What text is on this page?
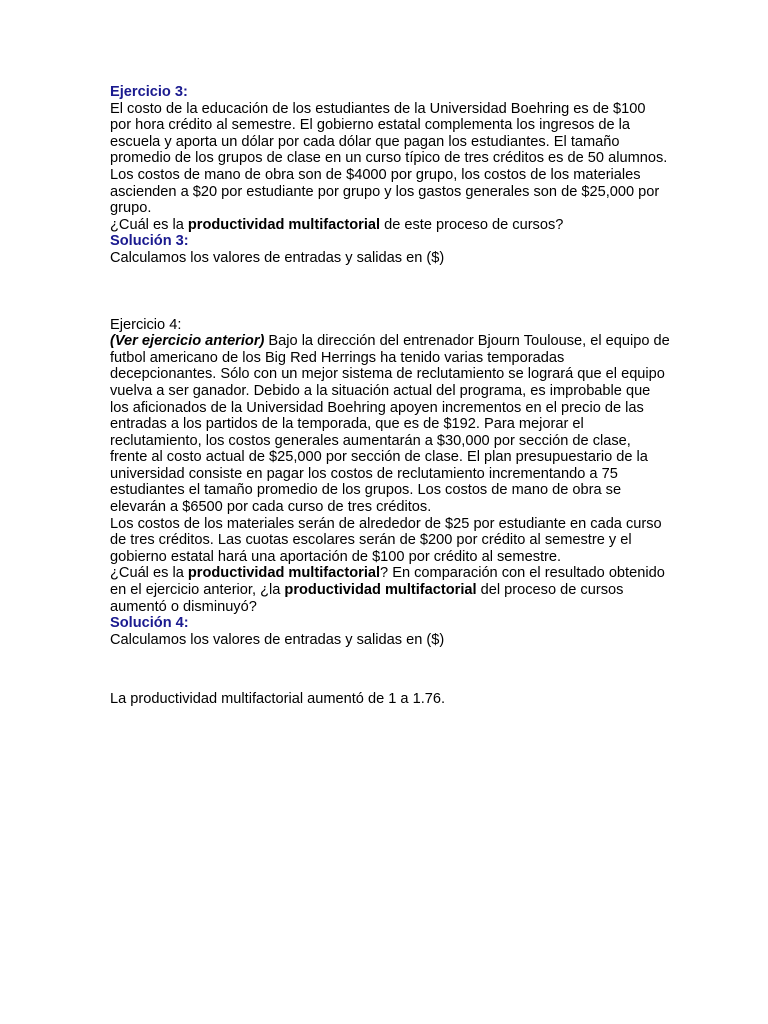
Ejercicio 3:

El costo de la educación de los estudiantes de la Universidad Boehring es de $100 por hora crédito al semestre. El gobierno estatal complementa los ingresos de la escuela y aporta un dólar por cada dólar que pagan los estudiantes. El tamaño promedio de los grupos de clase en un curso típico de tres créditos es de 50 alumnos. Los costos de mano de obra son de $4000 por grupo, los costos de los materiales ascienden a $20 por estudiante por grupo y los gastos generales son de $25,000 por grupo.

¿Cuál es la productividad multifactorial de este proceso de cursos?

Solución 3:

Calculamos los valores de entradas y salidas en ($)

Ejercicio 4:

(Ver ejercicio anterior) Bajo la dirección del entrenador Bjourn Toulouse, el equipo de futbol americano de los Big Red Herrings ha tenido varias temporadas decepcionantes. Sólo con un mejor sistema de reclutamiento se logrará que el equipo vuelva a ser ganador. Debido a la situación actual del programa, es improbable que los aficionados de la Universidad Boehring apoyen incrementos en el precio de las entradas a los partidos de la temporada, que es de $192. Para mejorar el reclutamiento, los costos generales aumentarán a $30,000 por sección de clase, frente al costo actual de $25,000 por sección de clase. El plan presupuestario de la universidad consiste en pagar los costos de reclutamiento incrementando a 75 estudiantes el tamaño promedio de los grupos. Los costos de mano de obra se elevarán a $6500 por cada curso de tres créditos.

Los costos de los materiales serán de alrededor de $25 por estudiante en cada curso de tres créditos. Las cuotas escolares serán de $200 por crédito al semestre y el gobierno estatal hará una aportación de $100 por crédito al semestre.

¿Cuál es la productividad multifactorial? En comparación con el resultado obtenido en el ejercicio anterior, ¿la productividad multifactorial del proceso de cursos aumentó o disminuyó?

Solución 4:

Calculamos los valores de entradas y salidas en ($)

La productividad multifactorial aumentó de 1 a 1.76.
